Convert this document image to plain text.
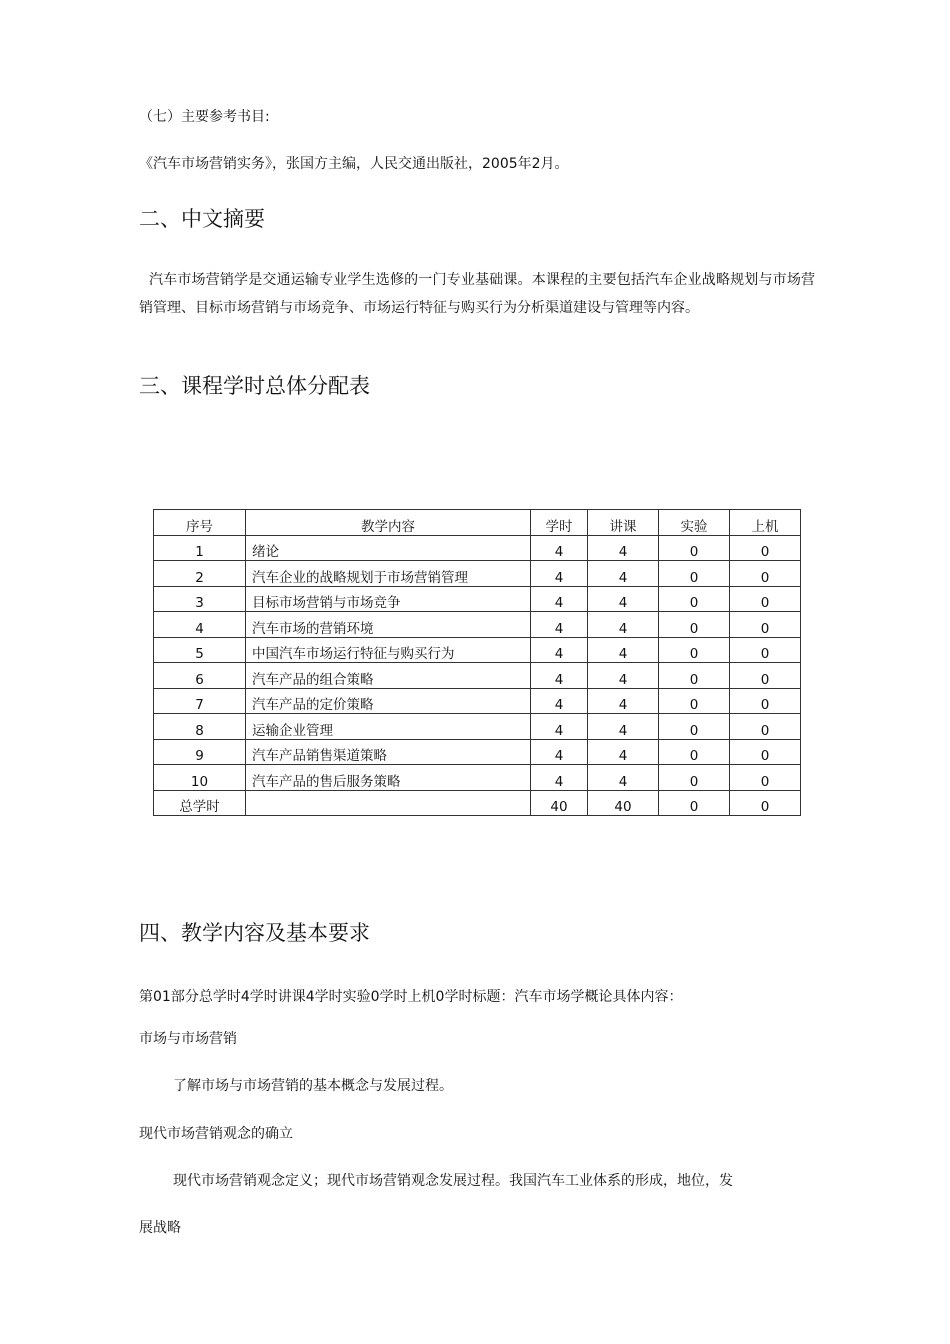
（七）主要参考书目:
《汽车市场营销实务》，张国方主编，人民交通出版社，2005年2月。
二、中文摘要
汽车市场营销学是交通运输专业学生选修的一门专业基础课。本课程的主要包括汽车企业战略规划与市场营销管理、目标市场营销与市场竞争、市场运行特征与购买行为分析渠道建设与管理等内容。
三、课程学时总体分配表
序号	教学内容	学时	讲课	实验	上机
1	绪论	4	4	0	0
2	汽车企业的战略规划于市场营销管理	4	4	0	0
3	目标市场营销与市场竞争	4	4	0	0
4	汽车市场的营销环境	4	4	0	0
5	中国汽车市场运行特征与购买行为	4	4	0	0
6	汽车产品的组合策略	4	4	0	0
7	汽车产品的定价策略	4	4	0	0
8	运输企业管理	4	4	0	0
9	汽车产品销售渠道策略	4	4	0	0
10	汽车产品的售后服务策略	4	4	0	0
总学时		40	40	0	0
四、教学内容及基本要求
第01部分总学时4学时讲课4学时实验0学时上机0学时标题：汽车市场学概论具体内容：
市场与市场营销
了解市场与市场营销的基本概念与发展过程。
现代市场营销观念的确立
现代市场营销观念定义；现代市场营销观念发展过程。我国汽车工业体系的形成，地位，发
展战略
